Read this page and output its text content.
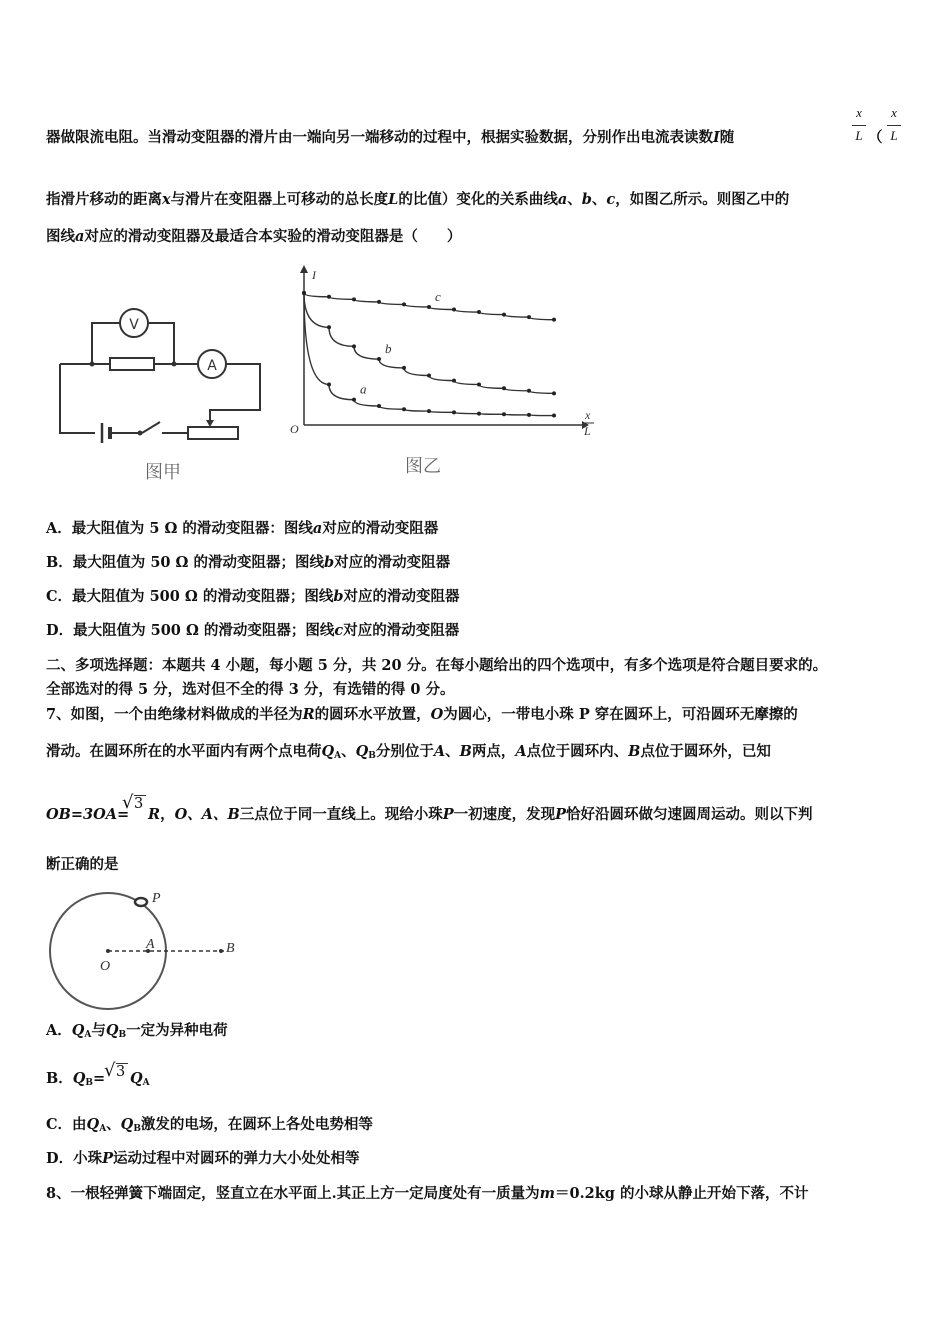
x
L
x
L
器做限流电阻。当滑动变阻器的滑片由一端向另一端移动的过程中，根据实验数据，分别作出电流表读数I随	（
指滑片移动的距离x与滑片在变阻器上可移动的总长度L的比值）变化的关系曲线a、b、c，如图乙所示。则图乙中的
图线a对应的滑动变阻器及最适合本实验的滑动变阻器是（　　）
V
A
图甲
I
O
x
L
c
b
a
图乙
A．最大阻值为 5 Ω 的滑动变阻器：图线a对应的滑动变阻器
B．最大阻值为 50 Ω 的滑动变阻器；图线b对应的滑动变阻器
C．最大阻值为 500 Ω 的滑动变阻器；图线b对应的滑动变阻器
D．最大阻值为 500 Ω 的滑动变阻器；图线c对应的滑动变阻器
二、多项选择题：本题共 4 小题，每小题 5 分，共 20 分。在每小题给出的四个选项中，有多个选项是符合题目要求的。
全部选对的得 5 分，选对但不全的得 3 分，有选错的得 0 分。
7、如图，一个由绝缘材料做成的半径为R的圆环水平放置，O为圆心，一带电小珠 P 穿在圆环上，可沿圆环无摩擦的
滑动。在圆环所在的水平面内有两个点电荷$Q_A$、$Q_B$分别位于A、B两点，A点位于圆环内、B点位于圆环外，已知
√ 3
OB=3OA= R，O、A、B三点位于同一直线上。现给小珠P一初速度，发现P恰好沿圆环做匀速圆周运动。则以下判
断正确的是
P
O
A	B
A．$Q_A$与$Q_B$一定为异种电荷
√ 3
B．$Q_B= Q_A$
C．由$Q_A$、$Q_B$激发的电场，在圆环上各处电势相等
D．小珠P运动过程中对圆环的弹力大小处处相等
8、一根轻弹簧下端固定，竖直立在水平面上.其正上方一定局度处有一质量为m＝0.2kg 的小球从静止开始下落，不计
